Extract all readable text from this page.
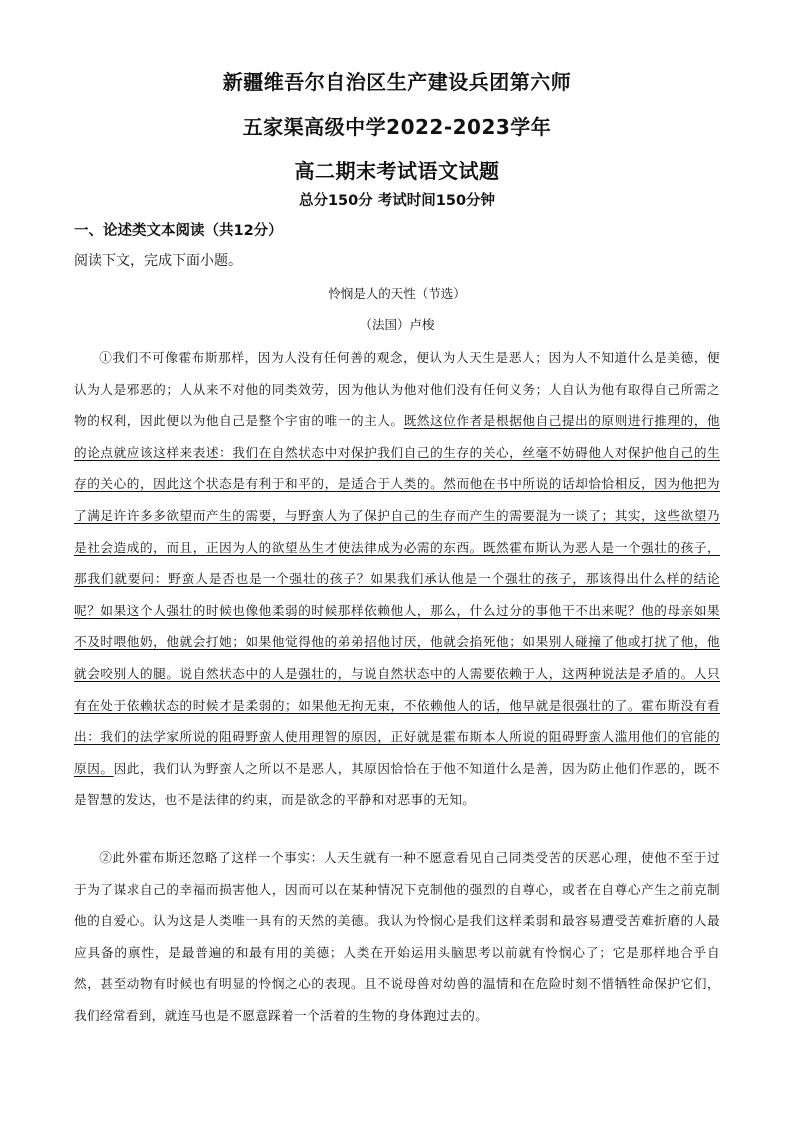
新疆维吾尔自治区生产建设兵团第六师
五家渠高级中学2022-2023学年
高二期末考试语文试题
总分150分 考试时间150分钟
一、论述类文本阅读（共12分）
阅读下文，完成下面小题。
怜悯是人的天性（节选）
（法国）卢梭
①我们不可像霍布斯那样，因为人没有任何善的观念，便认为人天生是恶人；因为人不知道什么是美德，便认为人是邪恶的；人从来不对他的同类效劳，因为他认为他对他们没有任何义务；人自认为他有取得自己所需之物的权利，因此便以为他自己是整个宇宙的唯一的主人。既然这位作者是根据他自己提出的原则进行推理的，他的论点就应该这样来表述：我们在自然状态中对保护我们自己的生存的关心，丝毫不妨碍他人对保护他自己的生存的关心的，因此这个状态是有利于和平的，是适合于人类的。然而他在书中所说的话却恰恰相反，因为他把为了满足许许多多欲望而产生的需要，与野蛮人为了保护自己的生存而产生的需要混为一谈了；其实，这些欲望乃是社会造成的，而且，正因为人的欲望丛生才使法律成为必需的东西。既然霍布斯认为恶人是一个强壮的孩子，那我们就要问：野蛮人是否也是一个强壮的孩子？如果我们承认他是一个强壮的孩子，那该得出什么样的结论呢？如果这个人强壮的时候也像他柔弱的时候那样依赖他人，那么，什么过分的事他干不出来呢？他的母亲如果不及时喂他奶，他就会打她；如果他觉得他的弟弟招他讨厌，他就会掐死他；如果别人碰撞了他或打扰了他，他就会咬别人的腿。说自然状态中的人是强壮的，与说自然状态中的人需要依赖于人，这两种说法是矛盾的。人只有在处于依赖状态的时候才是柔弱的；如果他无拘无束，不依赖他人的话，他早就是很强壮的了。霍布斯没有看出：我们的法学家所说的阻碍野蛮人使用理智的原因，正好就是霍布斯本人所说的阻碍野蛮人滥用他们的官能的原因。因此，我们认为野蛮人之所以不是恶人，其原因恰恰在于他不知道什么是善，因为防止他们作恶的，既不是智慧的发达，也不是法律的约束，而是欲念的平静和对恶事的无知。
②此外霍布斯还忽略了这样一个事实：人天生就有一种不愿意看见自己同类受苦的厌恶心理，使他不至于过于为了谋求自己的幸福而损害他人，因而可以在某种情况下克制他的强烈的自尊心，或者在自尊心产生之前克制他的自爱心。认为这是人类唯一具有的天然的美德。我认为怜悯心是我们这样柔弱和最容易遭受苦难折磨的人最应具备的禀性，是最普遍的和最有用的美德；人类在开始运用头脑思考以前就有怜悯心了；它是那样地合乎自然，甚至动物有时候也有明显的怜悯之心的表现。且不说母兽对幼兽的温情和在危险时刻不惜牺牲命保护它们，我们经常看到，就连马也是不愿意踩着一个活着的生物的身体跑过去的。
